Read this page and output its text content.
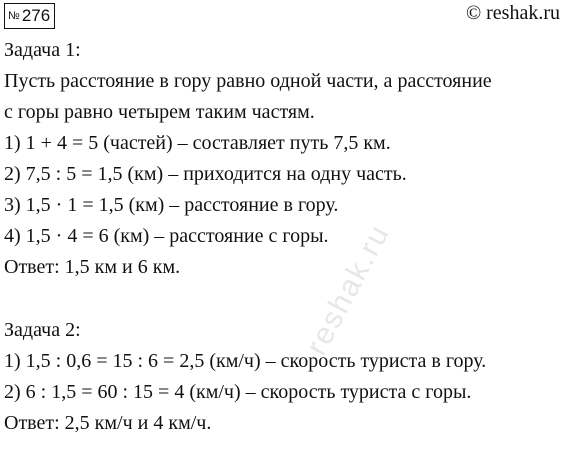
№ 276	© reshak.ru
reshak.ru
Задача 1:
Пусть расстояние в гору равно одной части, а расстояние
с горы равно четырем таким частям.
1) 1 + 4 = 5 (частей) – составляет путь 7,5 км.
2) 7,5 : 5 = 1,5 (км) – приходится на одну часть.
3) 1,5 · 1 = 1,5 (км) – расстояние в гору.
4) 1,5 · 4 = 6 (км) – расстояние с горы.
Ответ: 1,5 км и 6 км.
Задача 2:
1) 1,5 : 0,6 = 15 : 6 = 2,5 (км/ч) – скорость туриста в гору.
2) 6 : 1,5 = 60 : 15 = 4 (км/ч) – скорость туриста с горы.
Ответ: 2,5 км/ч и 4 км/ч.
